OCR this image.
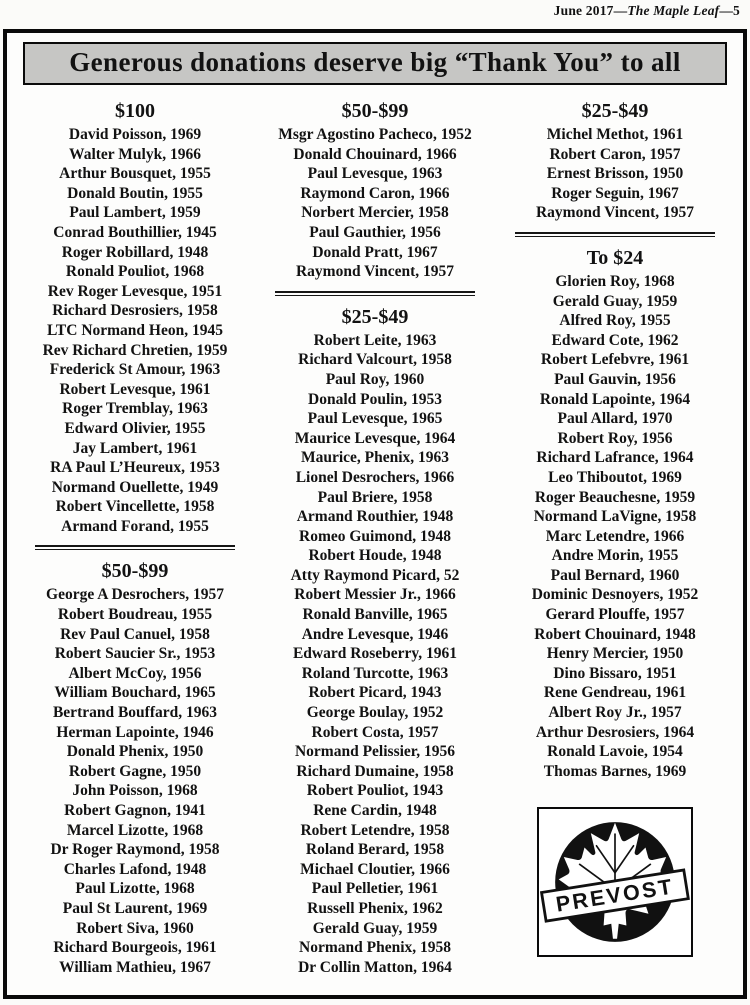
June 2017—The Maple Leaf—5
Generous donations deserve big “Thank You” to all
$100
David Poisson, 1969
Walter Mulyk, 1966
Arthur Bousquet, 1955
Donald Boutin, 1955
Paul Lambert, 1959
Conrad Bouthillier, 1945
Roger Robillard, 1948
Ronald Pouliot, 1968
Rev Roger Levesque, 1951
Richard Desrosiers, 1958
LTC Normand Heon, 1945
Rev Richard Chretien, 1959
Frederick St Amour, 1963
Robert Levesque, 1961
Roger Tremblay, 1963
Edward Olivier, 1955
Jay Lambert, 1961
RA Paul L’Heureux, 1953
Normand Ouellette, 1949
Robert Vincellette, 1958
Armand Forand, 1955
$50-$99
George A Desrochers, 1957
Robert Boudreau, 1955
Rev Paul Canuel, 1958
Robert Saucier Sr., 1953
Albert McCoy, 1956
William Bouchard, 1965
Bertrand Bouffard, 1963
Herman Lapointe, 1946
Donald Phenix, 1950
Robert Gagne, 1950
John Poisson, 1968
Robert Gagnon, 1941
Marcel Lizotte, 1968
Dr Roger Raymond, 1958
Charles Lafond, 1948
Paul Lizotte, 1968
Paul St Laurent, 1969
Robert Siva, 1960
Richard Bourgeois, 1961
William Mathieu, 1967
$50-$99
Msgr Agostino Pacheco, 1952
Donald Chouinard, 1966
Paul Levesque, 1963
Raymond Caron, 1966
Norbert Mercier, 1958
Paul Gauthier, 1956
Donald Pratt, 1967
Raymond Vincent, 1957
$25-$49
Robert Leite, 1963
Richard Valcourt, 1958
Paul Roy, 1960
Donald Poulin, 1953
Paul Levesque, 1965
Maurice Levesque, 1964
Maurice, Phenix, 1963
Lionel Desrochers, 1966
Paul Briere, 1958
Armand Routhier, 1948
Romeo Guimond, 1948
Robert Houde, 1948
Atty Raymond Picard, 52
Robert Messier Jr., 1966
Ronald Banville, 1965
Andre Levesque, 1946
Edward Roseberry, 1961
Roland Turcotte, 1963
Robert Picard, 1943
George Boulay, 1952
Robert Costa, 1957
Normand Pelissier, 1956
Richard Dumaine, 1958
Robert Pouliot, 1943
Rene Cardin, 1948
Robert Letendre, 1958
Roland Berard, 1958
Michael Cloutier, 1966
Paul Pelletier, 1961
Russell Phenix, 1962
Gerald Guay, 1959
Normand Phenix, 1958
Dr Collin Matton, 1964
$25-$49
Michel Methot, 1961
Robert Caron, 1957
Ernest Brisson, 1950
Roger Seguin, 1967
Raymond Vincent, 1957
To $24
Glorien Roy, 1968
Gerald Guay, 1959
Alfred Roy, 1955
Edward Cote, 1962
Robert Lefebvre, 1961
Paul Gauvin, 1956
Ronald Lapointe, 1964
Paul Allard, 1970
Robert Roy, 1956
Richard Lafrance, 1964
Leo Thiboutot, 1969
Roger Beauchesne, 1959
Normand LaVigne, 1958
Marc Letendre, 1966
Andre Morin, 1955
Paul Bernard, 1960
Dominic Desnoyers, 1952
Gerard Plouffe, 1957
Robert Chouinard, 1948
Henry Mercier, 1950
Dino Bissaro, 1951
Rene Gendreau, 1961
Albert Roy Jr., 1957
Arthur Desrosiers, 1964
Ronald Lavoie, 1954
Thomas Barnes, 1969
PREVOST
